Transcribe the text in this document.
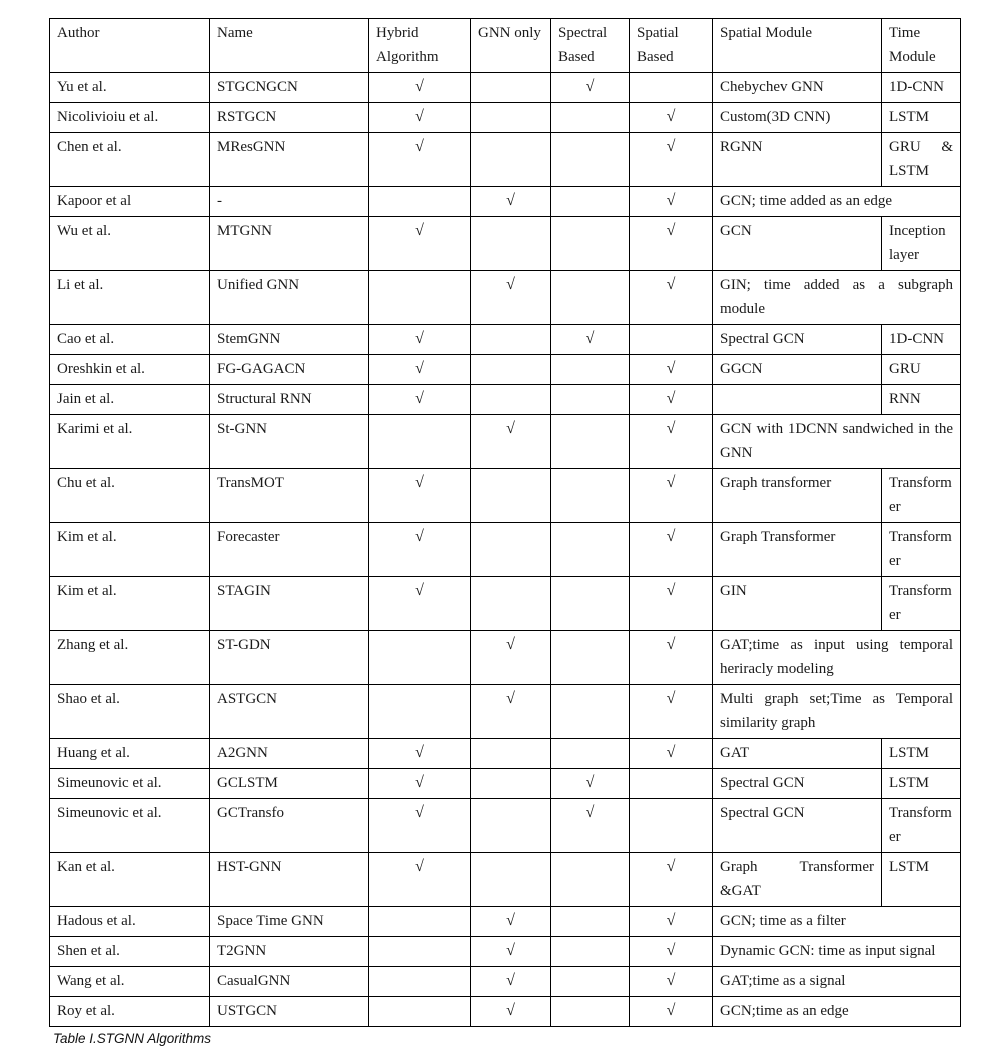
Author	Name	Hybrid Algorithm	GNN only	Spectral Based	Spatial Based	Spatial Module	Time Module
Yu et al.	STGCNGCN	√		√		Chebychev GNN	1D-CNN
Nicolivioiu et al.	RSTGCN	√			√	Custom(3D CNN)	LSTM
Chen et al.	MResGNN	√			√	RGNN	GRU & LSTM
Kapoor et al	-		√		√	GCN; time added as an edge	
Wu et al.	MTGNN	√			√	GCN	Inception layer
Li et al.	Unified GNN		√		√	GIN; time added as a subgraph module	
Cao et al.	StemGNN	√		√		Spectral GCN	1D-CNN
Oreshkin et al.	FG-GAGACN	√			√	GGCN	GRU
Jain et al.	Structural RNN	√			√		RNN
Karimi et al.	St-GNN		√		√	GCN with 1DCNN sandwiched in the GNN	
Chu et al.	TransMOT	√			√	Graph transformer	Transformer
Kim et al.	Forecaster	√			√	Graph Transformer	Transformer
Kim et al.	STAGIN	√			√	GIN	Transformer
Zhang et al.	ST-GDN		√		√	GAT;time as input using temporal heriracly modeling	
Shao et al.	ASTGCN		√		√	Multi graph set;Time as Temporal similarity graph	
Huang et al.	A2GNN	√			√	GAT	LSTM
Simeunovic et al.	GCLSTM	√		√		Spectral GCN	LSTM
Simeunovic et al.	GCTransfo	√		√		Spectral GCN	Transformer
Kan et al.	HST-GNN	√			√	Graph Transformer &GAT	LSTM
Hadous et al.	Space Time GNN		√		√	GCN; time as a filter	
Shen et al.	T2GNN		√		√	Dynamic GCN: time as input signal	
Wang et al.	CasualGNN		√		√	GAT;time as a signal	
Roy et al.	USTGCN		√		√	GCN;time as an edge	
Table I.STGNN Algorithms
